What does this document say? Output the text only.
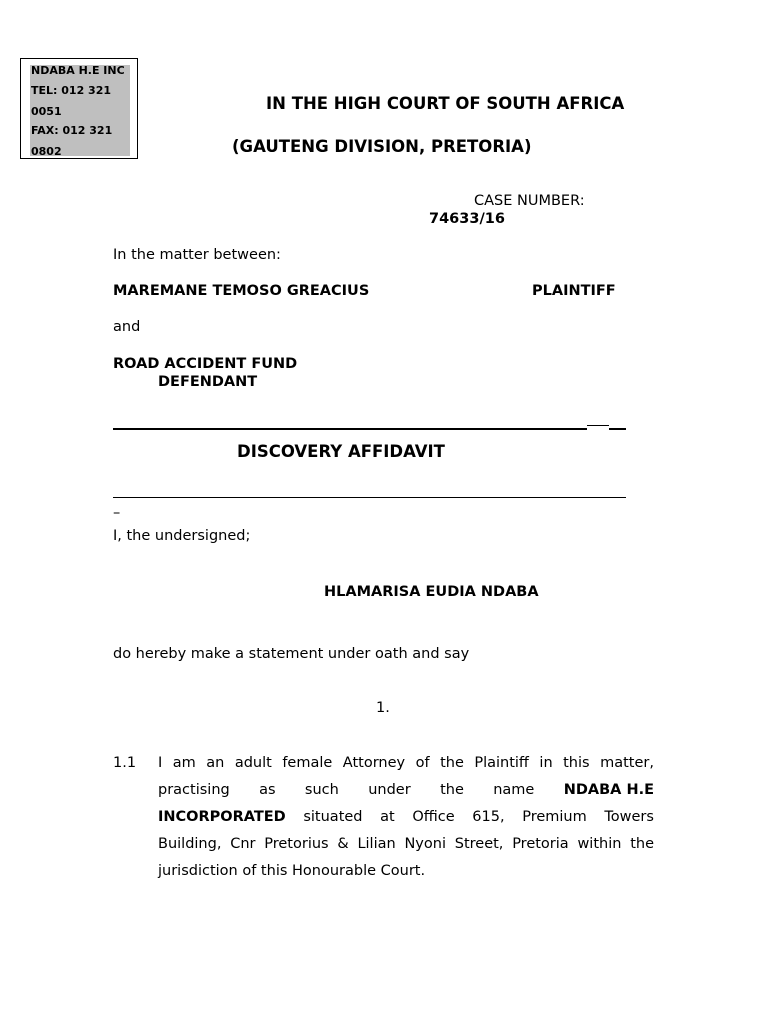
NDABA H.E INC
TEL: 012 321
0051
FAX: 012 321
0802
IN THE HIGH COURT OF SOUTH AFRICA
(GAUTENG DIVISION, PRETORIA)
CASE NUMBER:
74633/16
In the matter between:
MAREMANE TEMOSO GREACIUS	PLAINTIFF
and
ROAD ACCIDENT FUND
DEFENDANT
DISCOVERY AFFIDAVIT
–
I, the undersigned;
HLAMARISA EUDIA NDABA
do hereby make a statement under oath and say
1.
1.1 I am an adult female Attorney of the Plaintiff in this matter,
practising as such under the name NDABA H.E
INCORPORATED situated at Office 615, Premium Towers
Building, Cnr Pretorius & Lilian Nyoni Street, Pretoria within the
jurisdiction of this Honourable Court.
